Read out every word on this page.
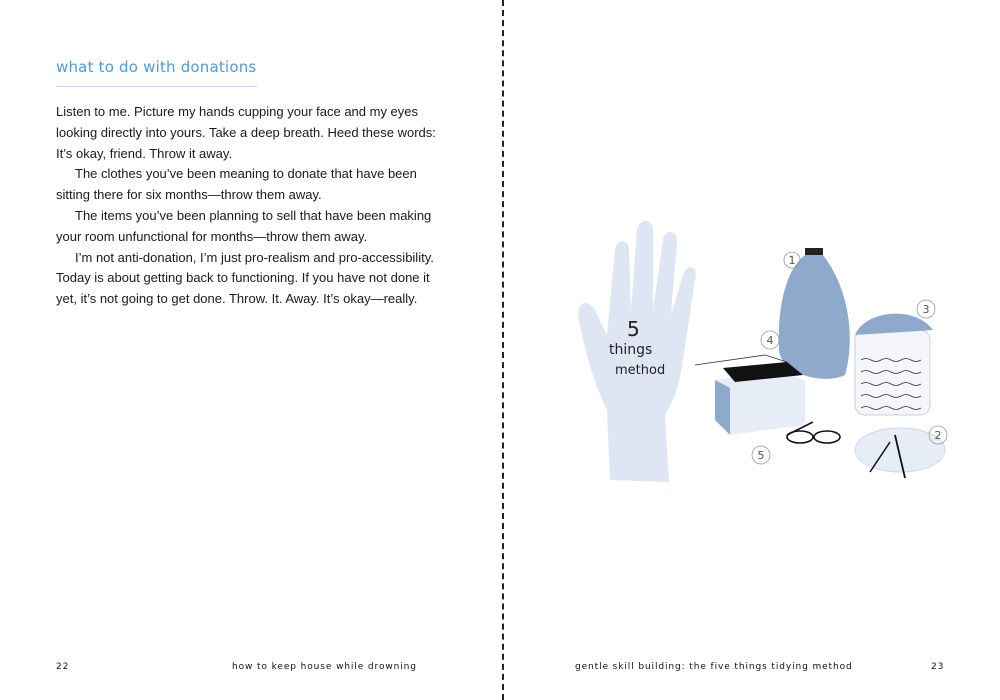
what to do with donations
Listen to me. Picture my hands cupping your face and my eyes
looking directly into yours. Take a deep breath. Heed these words:
It’s okay, friend. Throw it away.
The clothes you’ve been meaning to donate that have been
sitting there for six months—throw them away.
The items you’ve been planning to sell that have been making
your room unfunctional for months—throw them away.
I’m not anti-donation, I’m just pro-realism and pro-accessibility.
Today is about getting back to functioning. If you have not done it
yet, it’s not going to get done. Throw. It. Away. It’s okay—really.
22	how to keep house while drowning
5
things
method
1
2
3
4
5
gentle skill building: the five things tidying method	23
